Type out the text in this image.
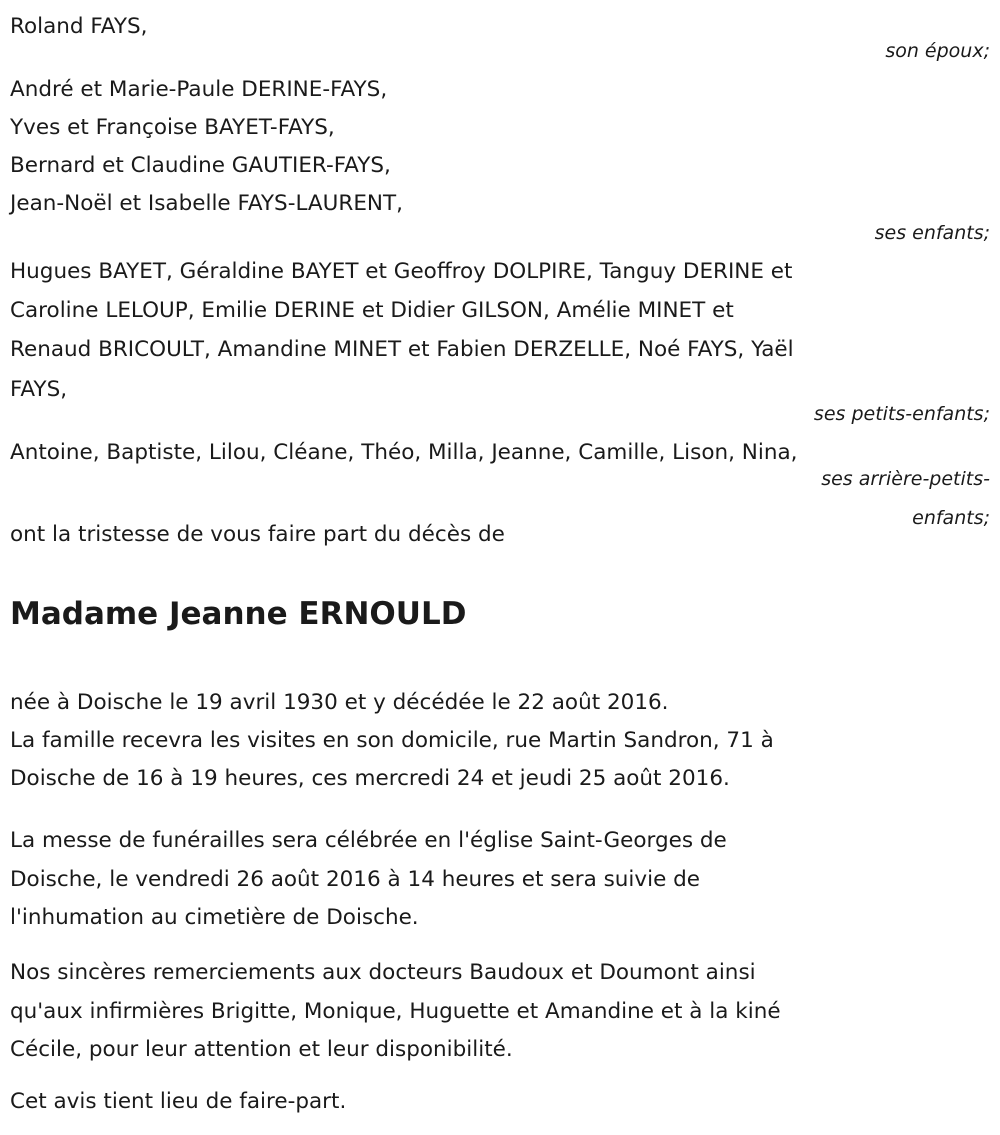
Roland FAYS,
son époux;
André et Marie-Paule DERINE-FAYS,
Yves et Françoise BAYET-FAYS,
Bernard et Claudine GAUTIER-FAYS,
Jean-Noël et Isabelle FAYS-LAURENT,
ses enfants;
Hugues BAYET, Géraldine BAYET et Geoffroy DOLPIRE, Tanguy DERINE et
Caroline LELOUP, Emilie DERINE et Didier GILSON, Amélie MINET et
Renaud BRICOULT, Amandine MINET et Fabien DERZELLE, Noé FAYS, Yaël
FAYS,
ses petits-enfants;
Antoine, Baptiste, Lilou, Cléane, Théo, Milla, Jeanne, Camille, Lison, Nina,
ses arrière-petits-
enfants;
ont la tristesse de vous faire part du décès de
Madame Jeanne ERNOULD
née à Doische le 19 avril 1930 et y décédée le 22 août 2016.
La famille recevra les visites en son domicile, rue Martin Sandron, 71 à
Doische de 16 à 19 heures, ces mercredi 24 et jeudi 25 août 2016.
La messe de funérailles sera célébrée en l'église Saint-Georges de
Doische, le vendredi 26 août 2016 à 14 heures et sera suivie de
l'inhumation au cimetière de Doische.
Nos sincères remerciements aux docteurs Baudoux et Doumont ainsi
qu'aux infirmières Brigitte, Monique, Huguette et Amandine et à la kiné
Cécile, pour leur attention et leur disponibilité.
Cet avis tient lieu de faire-part.
